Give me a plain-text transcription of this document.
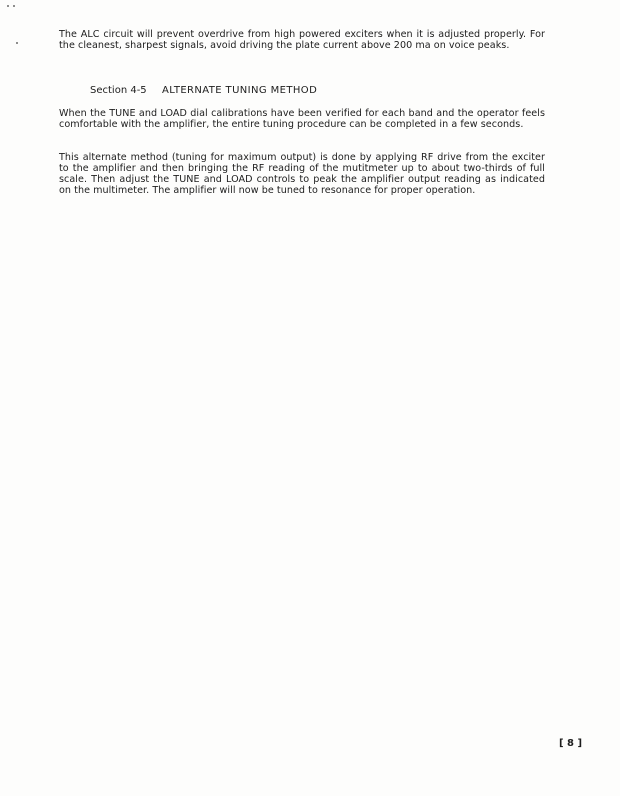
The ALC circuit will prevent overdrive from high powered exciters when it is adjusted properly. For the cleanest, sharpest signals, avoid driving the plate current above 200 ma on voice peaks.

Section 4-5 ALTERNATE TUNING METHOD

When the TUNE and LOAD dial calibrations have been verified for each band and the operator feels comfortable with the amplifier, the entire tuning procedure can be completed in a few seconds.

This alternate method (tuning for maximum output) is done by applying RF drive from the exciter to the amplifier and then bringing the RF reading of the mutitmeter up to about two-thirds of full scale. Then adjust the TUNE and LOAD controls to peak the amplifier output reading as indicated on the multimeter. The amplifier will now be tuned to resonance for proper operation.

[ 8 ]
